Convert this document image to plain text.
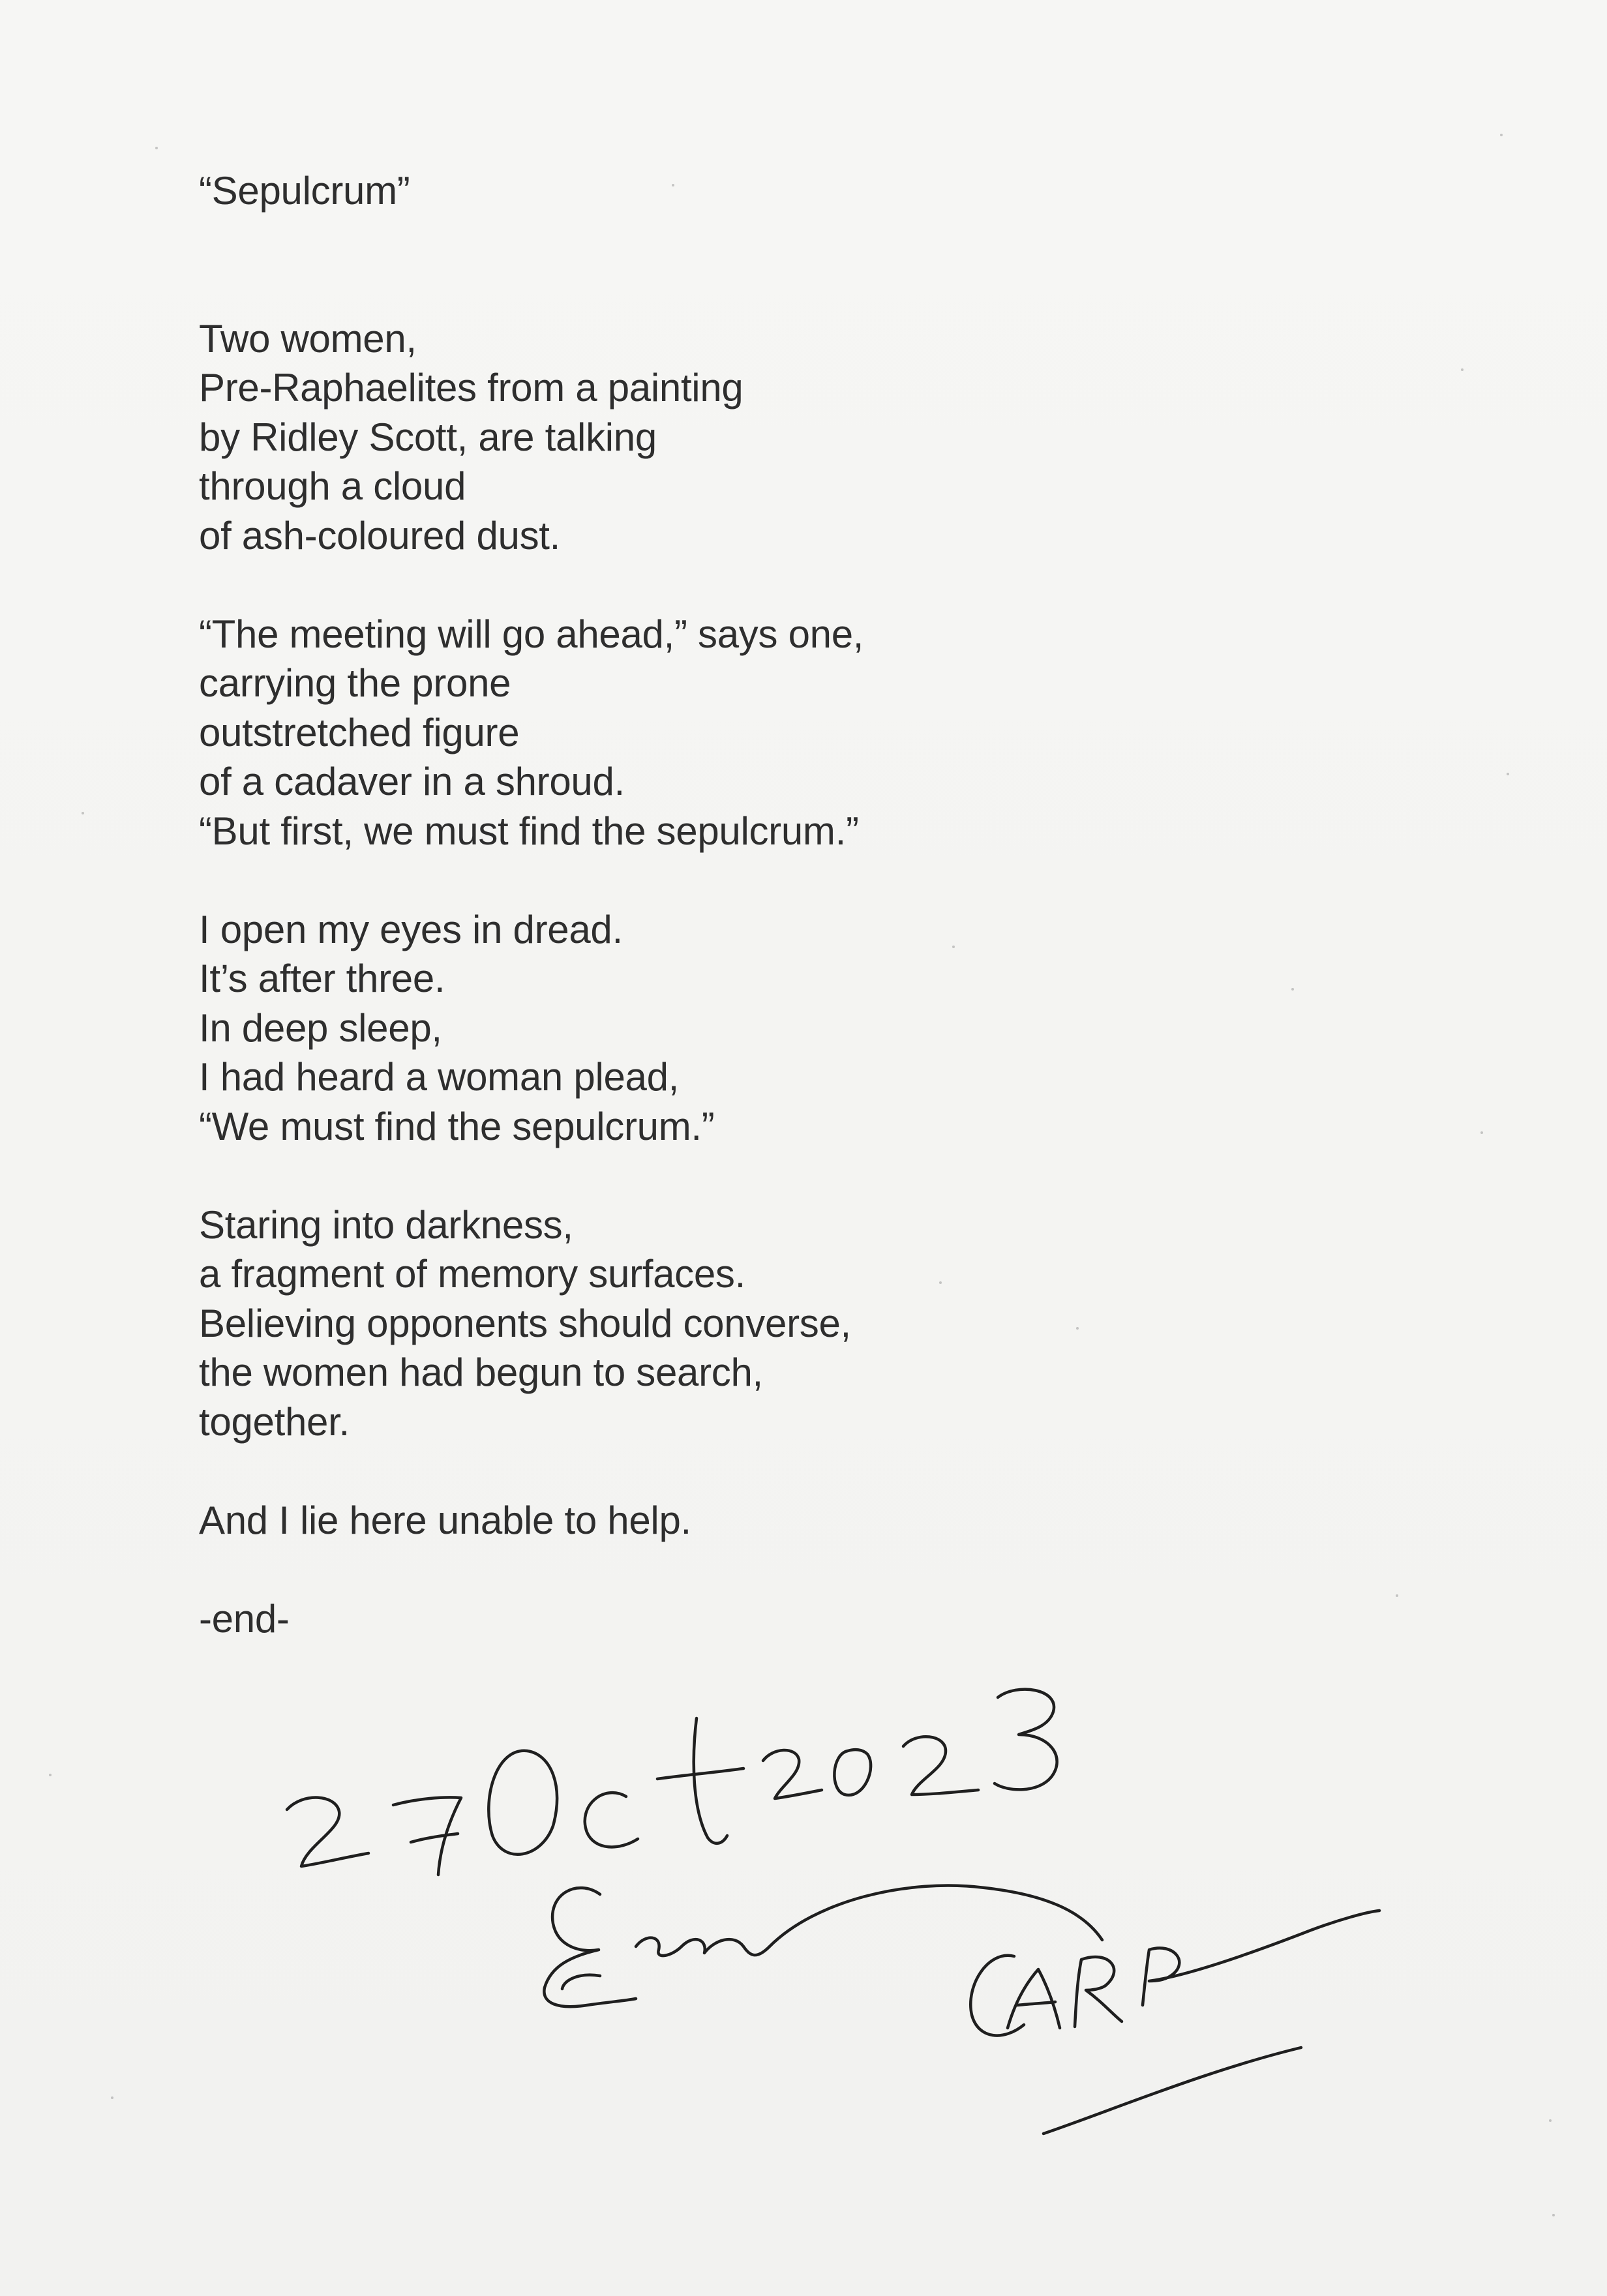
“Sepulcrum”
Two women,
Pre-Raphaelites from a painting
by Ridley Scott, are talking
through a cloud
of ash-coloured dust.
“The meeting will go ahead,” says one,
carrying the prone
outstretched figure
of a cadaver in a shroud.
“But first, we must find the sepulcrum.”
I open my eyes in dread.
It’s after three.
In deep sleep,
I had heard a woman plead,
“We must find the sepulcrum.”
Staring into darkness,
a fragment of memory surfaces.
Believing opponents should converse,
the women had begun to search,
together.
And I lie here unable to help.
-end-
